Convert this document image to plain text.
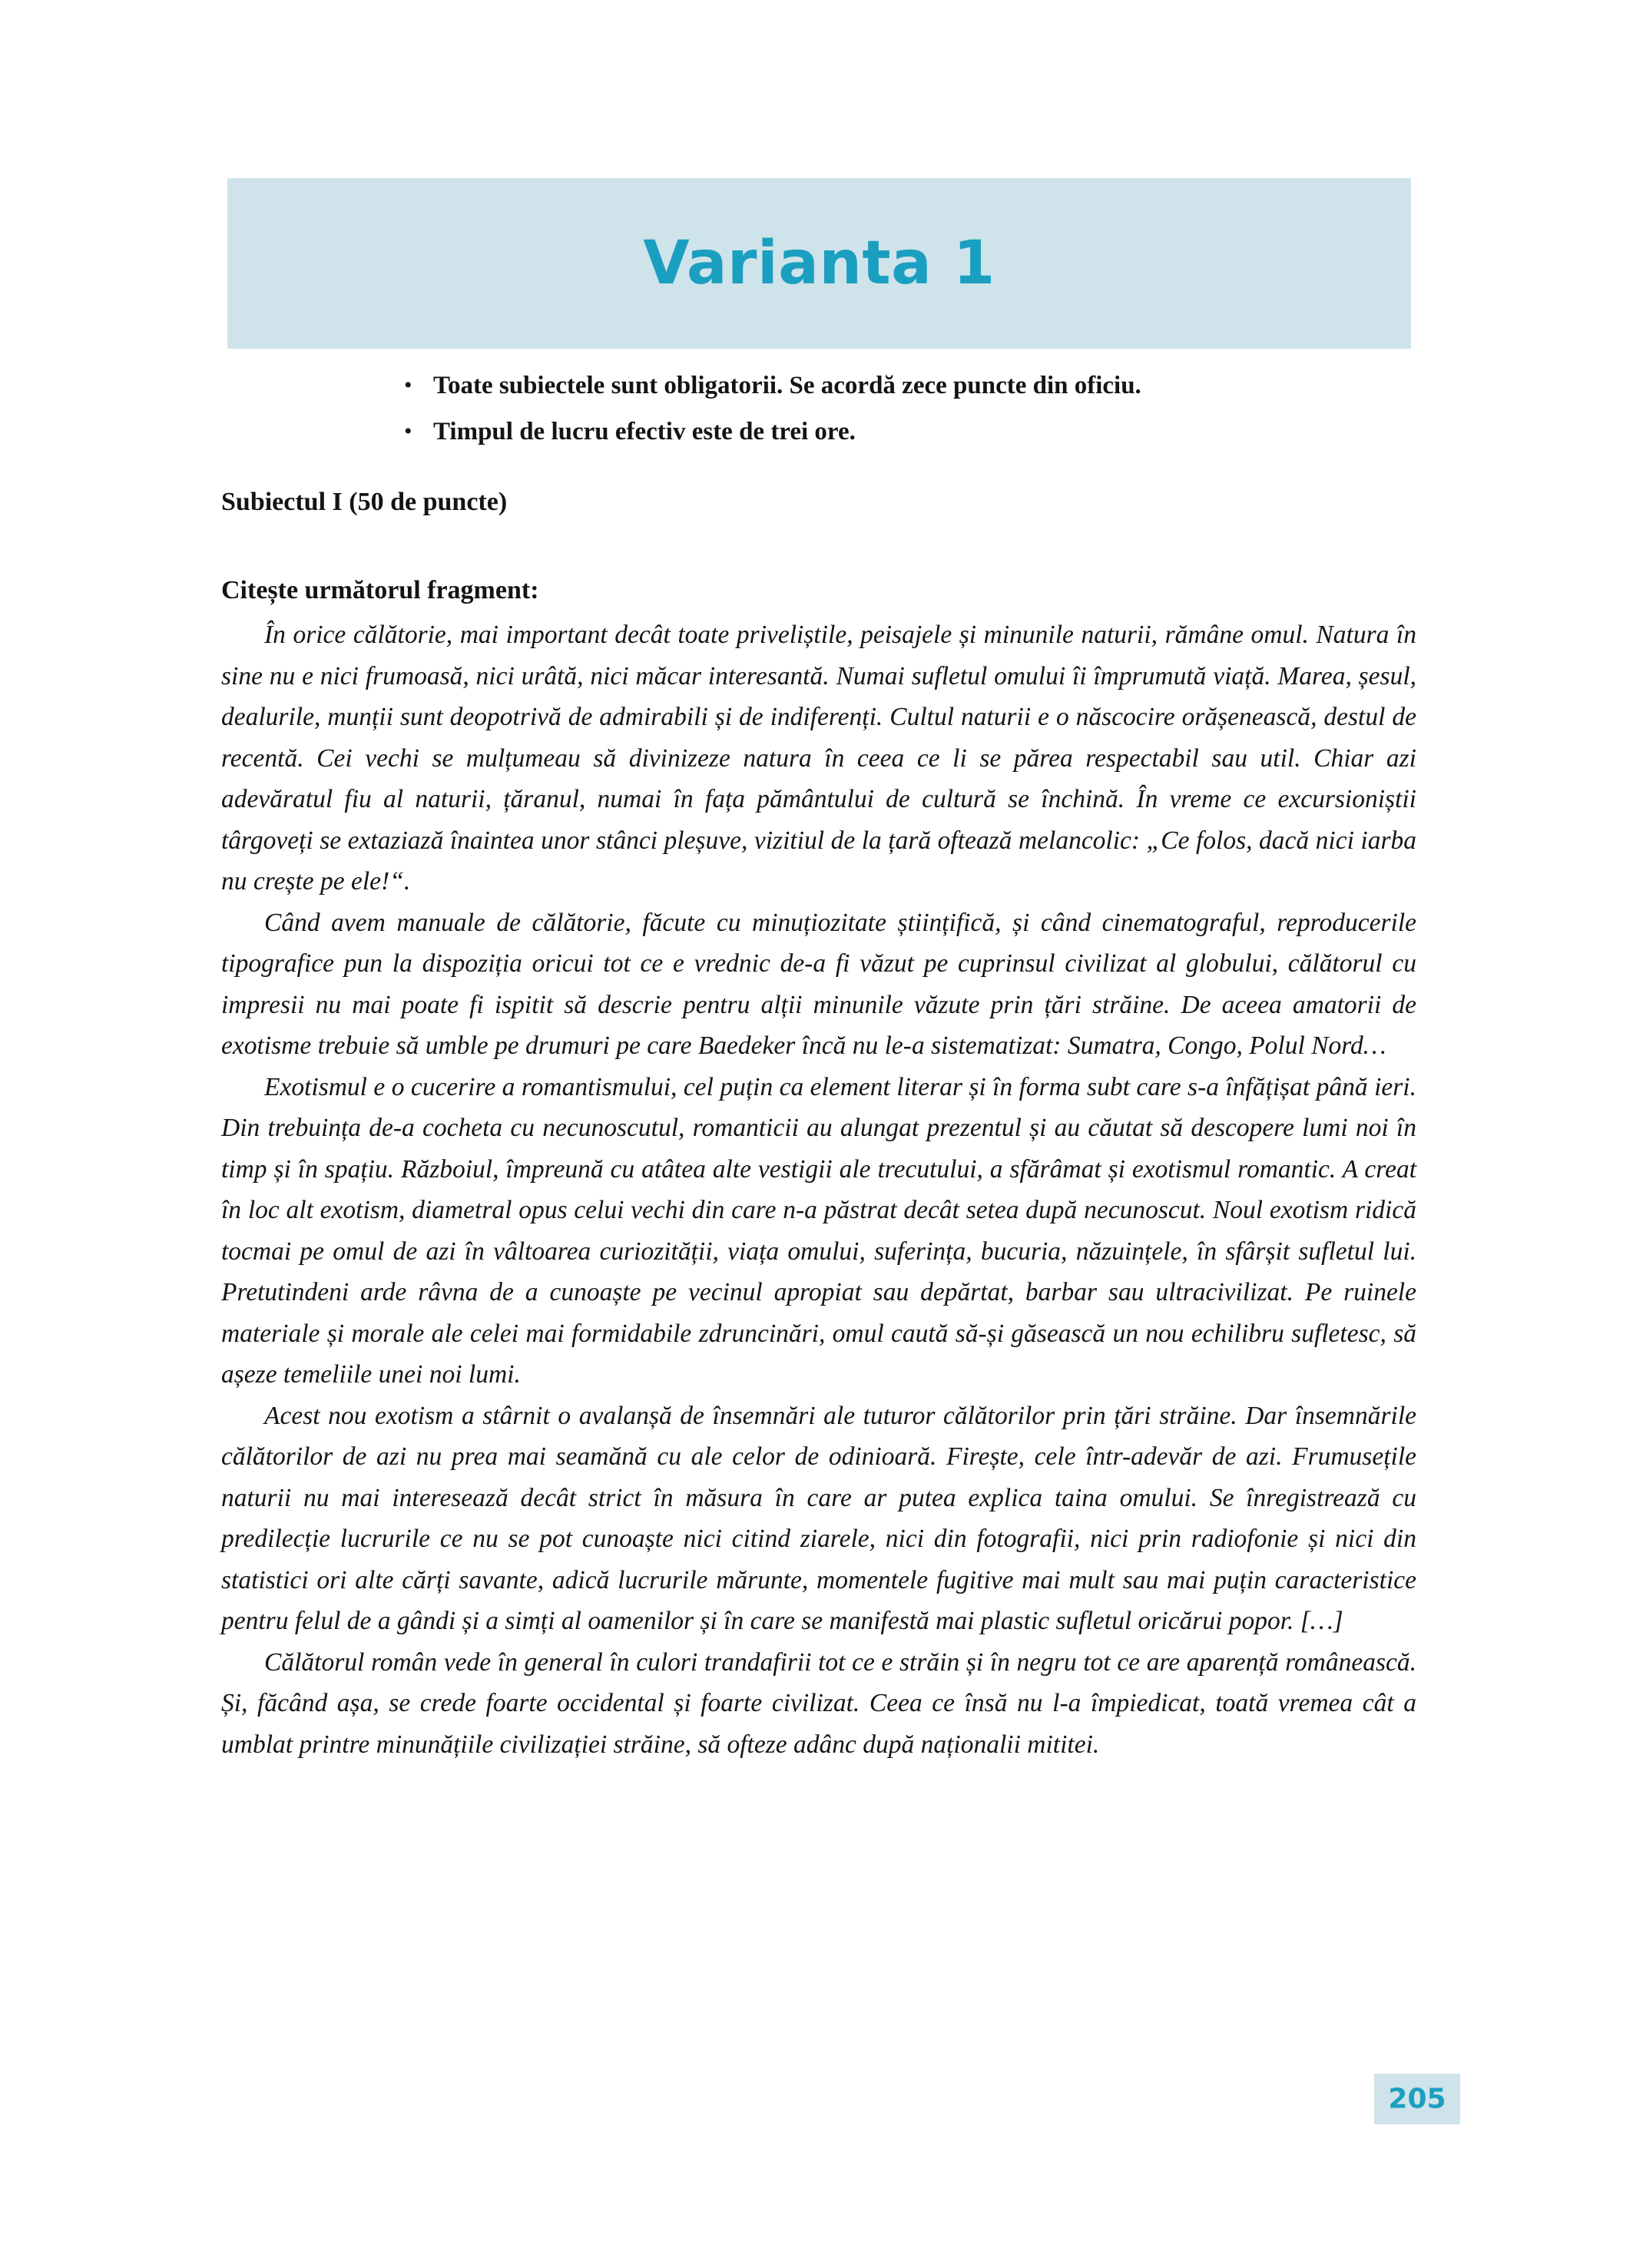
Varianta 1
• Toate subiectele sunt obligatorii. Se acordă zece puncte din oficiu.
• Timpul de lucru efectiv este de trei ore.
Subiectul I (50 de puncte)
Citește următorul fragment:

În orice călătorie, mai important decât toate priveliștile, peisajele și minunile naturii, rămâne omul. Natura în sine nu e nici frumoasă, nici urâtă, nici măcar interesantă. Numai sufletul omului îi împrumută viață. Marea, șesul, dealurile, munții sunt deopotrivă de admirabili și de indiferenți. Cultul naturii e o născocire orășenească, destul de recentă. Cei vechi se mulțumeau să divinizeze natura în ceea ce li se părea respectabil sau util. Chiar azi adevăratul fiu al naturii, țăranul, numai în fața pământului de cultură se închină. În vreme ce excursioniștii târgoveți se extaziază înaintea unor stânci pleșuve, vizitiul de la țară oftează melancolic: „Ce folos, dacă nici iarba nu crește pe ele!“.

Când avem manuale de călătorie, făcute cu minuțiozitate științifică, și când cinematograful, reproducerile tipografice pun la dispoziția oricui tot ce e vrednic de-a fi văzut pe cuprinsul civilizat al globului, călătorul cu impresii nu mai poate fi ispitit să descrie pentru alții minunile văzute prin țări străine. De aceea amatorii de exotisme trebuie să umble pe drumuri pe care Baedeker încă nu le-a sistematizat: Sumatra, Congo, Polul Nord…

Exotismul e o cucerire a romantismului, cel puțin ca element literar și în forma subt care s-a înfățișat până ieri. Din trebuința de-a cocheta cu necunoscutul, romanticii au alungat prezentul și au căutat să descopere lumi noi în timp și în spațiu. Războiul, împreună cu atâtea alte vestigii ale trecutului, a sfărâmat și exotismul romantic. A creat în loc alt exotism, diametral opus celui vechi din care n-a păstrat decât setea după necunoscut. Noul exotism ridică tocmai pe omul de azi în vâltoarea curiozității, viața omului, suferința, bucuria, năzuințele, în sfârșit sufletul lui. Pretutindeni arde râvna de a cunoaște pe vecinul apropiat sau depărtat, barbar sau ultracivilizat. Pe ruinele materiale și morale ale celei mai formidabile zdruncinări, omul caută să-și găsească un nou echilibru sufletesc, să așeze temeliile unei noi lumi.

Acest nou exotism a stârnit o avalanșă de însemnări ale tuturor călătorilor prin țări străine. Dar însemnările călătorilor de azi nu prea mai seamănă cu ale celor de odinioară. Firește, cele într-adevăr de azi. Frumusețile naturii nu mai interesează decât strict în măsura în care ar putea explica taina omului. Se înregistrează cu predilecție lucrurile ce nu se pot cunoaște nici citind ziarele, nici din fotografii, nici prin radiofonie și nici din statistici ori alte cărți savante, adică lucrurile mărunte, momentele fugitive mai mult sau mai puțin caracteristice pentru felul de a gândi și a simți al oamenilor și în care se manifestă mai plastic sufletul oricărui popor. […]

Călătorul român vede în general în culori trandafirii tot ce e străin și în negru tot ce are aparență românească. Și, făcând așa, se crede foarte occidental și foarte civilizat. Ceea ce însă nu l-a împiedicat, toată vremea cât a umblat printre minunățiile civilizației străine, să ofteze adânc după naționalii mititei.

205
